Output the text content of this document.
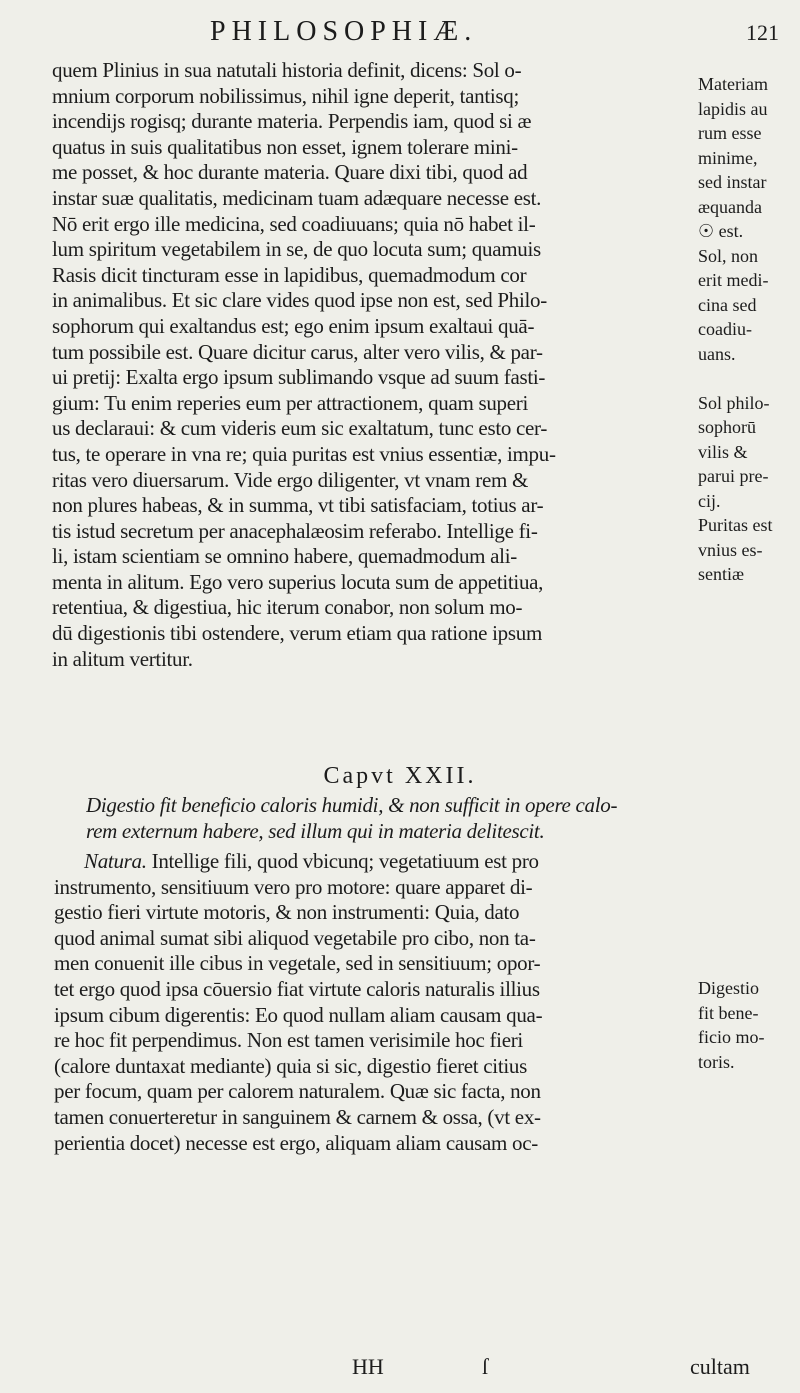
PHILOSOPHIÆ.	121
quem Plinius in sua natutali historia definit, dicens: Sol o-
mnium corporum nobilissimus, nihil igne deperit, tantisq;
incendijs rogisq; durante materia. Perpendis iam, quod si æ
quatus in suis qualitatibus non esset, ignem tolerare mini-
me posset, & hoc durante materia. Quare dixi tibi, quod ad
instar suæ qualitatis, medicinam tuam adæquare necesse est.
Nō erit ergo ille medicina, sed coadiuuans; quia nō habet il-
lum spiritum vegetabilem in se, de quo locuta sum; quamuis
Rasis dicit tincturam esse in lapidibus, quemadmodum cor
in animalibus. Et sic clare vides quod ipse non est, sed Philo-
sophorum qui exaltandus est; ego enim ipsum exaltaui quā-
tum possibile est. Quare dicitur carus, alter vero vilis, & par-
ui pretij: Exalta ergo ipsum sublimando vsque ad suum fasti-
gium: Tu enim reperies eum per attractionem, quam superi
us declaraui: & cum videris eum sic exaltatum, tunc esto cer-
tus, te operare in vna re; quia puritas est vnius essentiæ, impu-
ritas vero diuersarum. Vide ergo diligenter, vt vnam rem &
non plures habeas, & in summa, vt tibi satisfaciam, totius ar-
tis istud secretum per anacephalæosim referabo. Intellige fi-
li, istam scientiam se omnino habere, quemadmodum ali-
menta in alitum. Ego vero superius locuta sum de appetitiua,
retentiua, & digestiua, hic iterum conabor, non solum mo-
dū digestionis tibi ostendere, verum etiam qua ratione ipsum
in alitum vertitur.
Materiam
lapidis au
rum esse
minime,
sed instar
æquanda
☉ est.
Sol, non
erit medi-
cina sed
coadiu-
uans.
Sol philo-
sophorū
vilis &
parui pre-
cij.
Puritas est
vnius es-
sentiæ
Capvt XXII.
Digestio fit beneficio caloris humidi, & non sufficit in opere calo-
rem externum habere, sed illum qui in materia delitescit.
Natura. Intellige fili, quod vbicunq; vegetatiuum est pro
instrumento, sensitiuum vero pro motore: quare apparet di-
gestio fieri virtute motoris, & non instrumenti: Quia, dato
quod animal sumat sibi aliquod vegetabile pro cibo, non ta-
men conuenit ille cibus in vegetale, sed in sensitiuum; opor-
tet ergo quod ipsa cōuersio fiat virtute caloris naturalis illius
ipsum cibum digerentis: Eo quod nullam aliam causam qua-
re hoc fit perpendimus. Non est tamen verisimile hoc fieri
(calore duntaxat mediante) quia si sic, digestio fieret citius
per focum, quam per calorem naturalem. Quæ sic facta, non
tamen conuerteretur in sanguinem & carnem & ossa, (vt ex-
perientia docet) necesse est ergo, aliquam aliam causam oc-
Digestio
fit bene-
ficio mo-
toris.
HH	ſ	cultam
